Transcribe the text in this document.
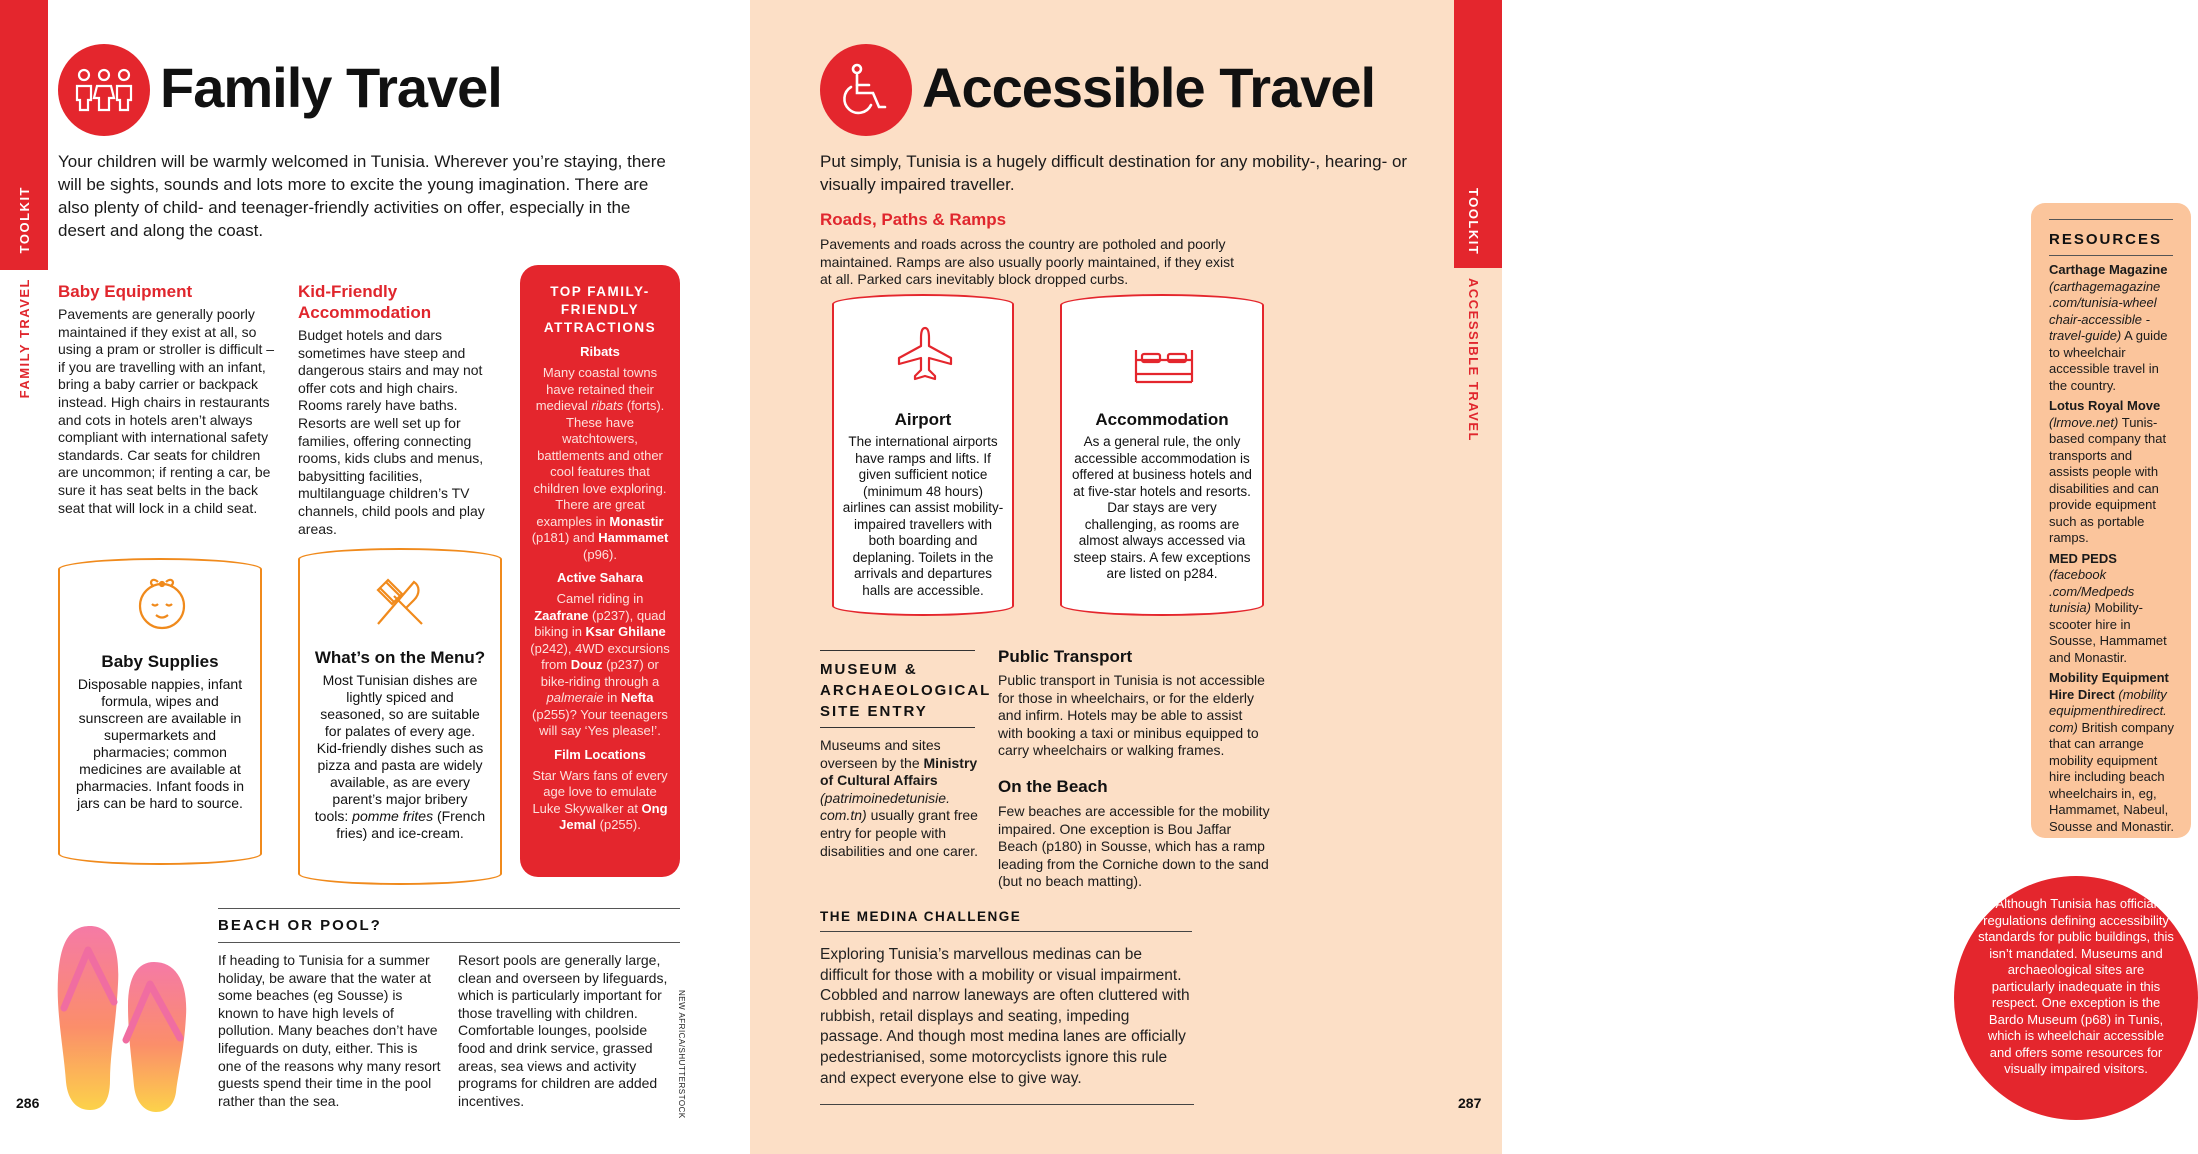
TOOLKIT
FAMILY TRAVEL
Family Travel

Your children will be warmly welcomed in Tunisia. Wherever you’re staying, there will be sights, sounds and lots more to excite the young imagination. There are also plenty of child- and teenager-friendly activities on offer, especially in the desert and along the coast.

Baby Equipment

Pavements are generally poorly maintained if they exist at all, so using a pram or stroller is difficult – if you are travelling with an infant, bring a baby carrier or backpack instead. High chairs in restaurants and cots in hotels aren’t always compliant with international safety standards. Car seats for children are uncommon; if renting a car, be sure it has seat belts in the back seat that will lock in a child seat.

Kid-Friendly Accommodation

Budget hotels and dars sometimes have steep and dangerous stairs and may not offer cots and high chairs. Rooms rarely have baths. Resorts are well set up for families, offering connecting rooms, kids clubs and menus, babysitting facilities, multilanguage children’s TV channels, child pools and play areas.

TOP FAMILY-FRIENDLY ATTRACTIONS
Ribats

Many coastal towns have retained their medieval ribats (forts). These have watchtowers, battlements and other cool features that children love exploring. There are great examples in Monastir (p181) and Hammamet (p96).

Active Sahara

Camel riding in Zaafrane (p237), quad biking in Ksar Ghilane (p242), 4WD excursions from Douz (p237) or bike-riding through a palmeraie in Nefta (p255)? Your teenagers will say ‘Yes please!’.

Film Locations

Star Wars fans of every age love to emulate Luke Skywalker at Ong Jemal (p255).

Baby Supplies

Disposable nappies, infant formula, wipes and sunscreen are available in supermarkets and pharmacies; common medicines are available at pharmacies. Infant foods in jars can be hard to source.

What’s on the Menu?

Most Tunisian dishes are lightly spiced and seasoned, so are suitable for palates of every age. Kid-friendly dishes such as pizza and pasta are widely available, as are every parent’s major bribery tools: pomme frites (French fries) and ice-cream.

BEACH OR POOL?

If heading to Tunisia for a summer holiday, be aware that the water at some beaches (eg Sousse) is known to have high levels of pollution. Many beaches don’t have lifeguards on duty, either. This is one of the reasons why many resort guests spend their time in the pool rather than the sea.

Resort pools are generally large, clean and overseen by lifeguards, which is particularly important for those travelling with children. Comfortable lounges, poolside food and drink service, grassed areas, sea views and activity programs for children are added incentives.	NEW AFRICA/SHUTTERSTOCK
286
TOOLKIT
ACCESSIBLE TRAVEL
Accessible Travel

Put simply, Tunisia is a hugely difficult destination for any mobility-, hearing- or visually impaired traveller.

Roads, Paths & Ramps

Pavements and roads across the country are potholed and poorly maintained. Ramps are also usually poorly maintained, if they exist at all. Parked cars inevitably block dropped curbs.

Airport

The international airports have ramps and lifts. If given sufficient notice (minimum 48 hours) airlines can assist mobility-impaired travellers with both boarding and deplaning. Toilets in the arrivals and departures halls are accessible.

Accommodation

As a general rule, the only accessible accommodation is offered at business hotels and at five-star hotels and resorts. Dar stays are very challenging, as rooms are almost always accessed via steep stairs. A few exceptions are listed on p284.

MUSEUM & ARCHAEOLOGICAL SITE ENTRY

Museums and sites overseen by the Ministry of Cultural Affairs (patrimoinedetunisie. com.tn) usually grant free entry for people with disabilities and one carer.

Public Transport

Public transport in Tunisia is not accessible for those in wheelchairs, or for the elderly and infirm. Hotels may be able to assist with booking a taxi or minibus equipped to carry wheelchairs or walking frames.

On the Beach

Few beaches are accessible for the mobility impaired. One exception is Bou Jaffar Beach (p180) in Sousse, which has a ramp leading from the Corniche down to the sand (but no beach matting).

THE MEDINA CHALLENGE

Exploring Tunisia’s marvellous medinas can be difficult for those with a mobility or visual impairment. Cobbled and narrow laneways are often cluttered with rubbish, retail displays and seating, impeding passage. And though most medina lanes are officially pedestrianised, some motorcyclists ignore this rule and expect everyone else to give way.

RESOURCES

Carthage Magazine (carthagemagazine .com/tunisia-wheel chair-accessible -travel-guide) A guide to wheelchair accessible travel in the country.

Lotus Royal Move (lrmove.net) Tunis-based company that transports and assists people with disabilities and can provide equipment such as portable ramps.

MED PEDS (facebook .com/Medpeds tunisia) Mobility-scooter hire in Sousse, Hammamet and Monastir.

Mobility Equipment Hire Direct (mobility equipmenthiredirect. com) British company that can arrange mobility equipment hire including beach wheelchairs in, eg, Hammamet, Nabeul, Sousse and Monastir.

Although Tunisia has official regulations defining accessibility standards for public buildings, this isn’t mandated. Museums and archaeological sites are particularly inadequate in this respect. One exception is the Bardo Museum (p68) in Tunis, which is wheelchair accessible and offers some resources for visually impaired visitors.
287
